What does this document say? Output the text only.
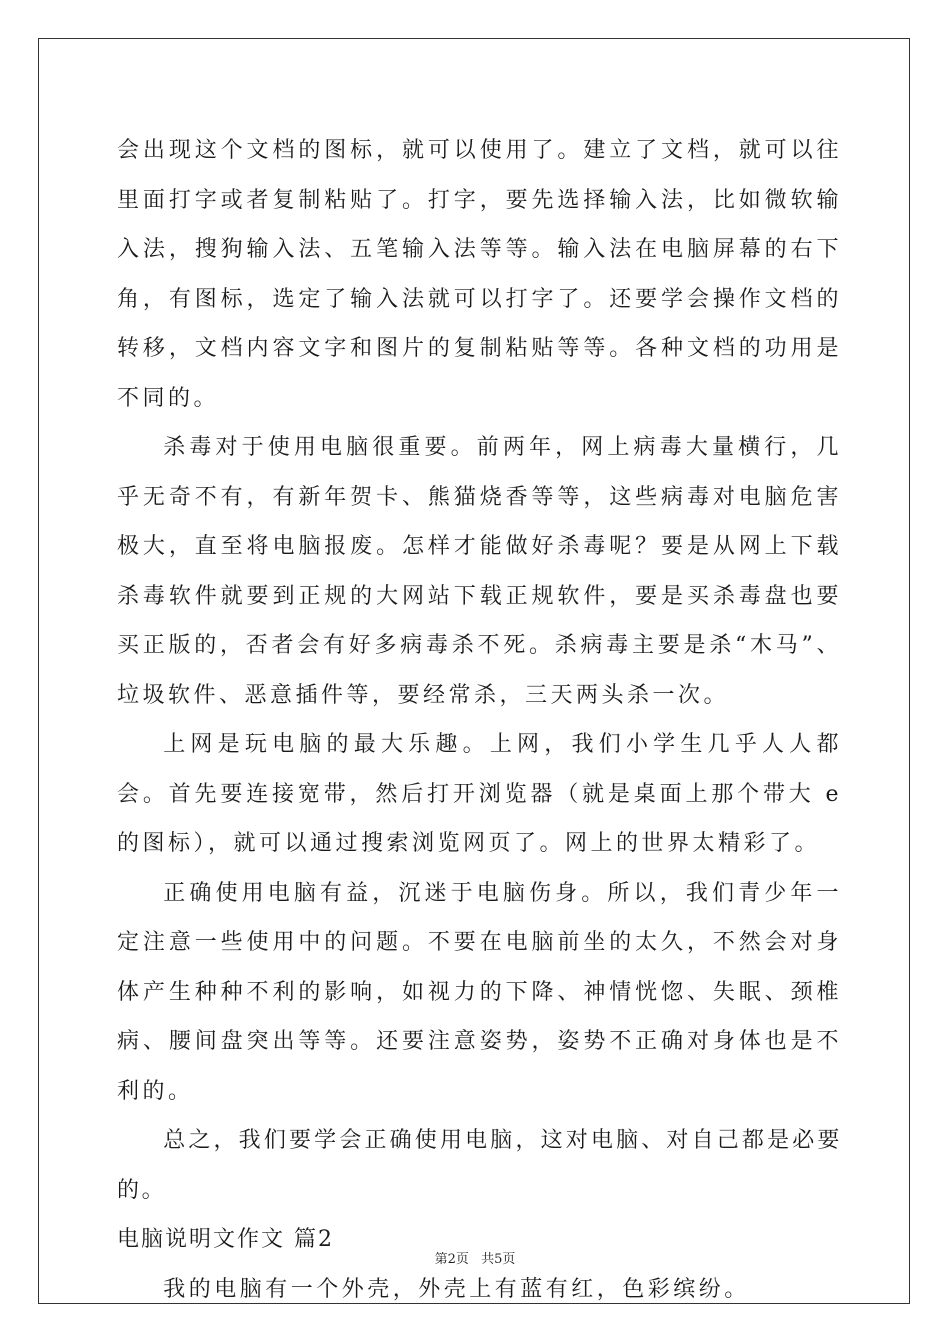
会出现这个文档的图标，就可以使用了。建立了文档，就可以往里面打字或者复制粘贴了。打字，要先选择输入法，比如微软输入法，搜狗输入法、五笔输入法等等。输入法在电脑屏幕的右下角，有图标，选定了输入法就可以打字了。还要学会操作文档的转移，文档内容文字和图片的复制粘贴等等。各种文档的功用是不同的。

杀毒对于使用电脑很重要。前两年，网上病毒大量横行，几乎无奇不有，有新年贺卡、熊猫烧香等等，这些病毒对电脑危害极大，直至将电脑报废。怎样才能做好杀毒呢？要是从网上下载杀毒软件就要到正规的大网站下载正规软件，要是买杀毒盘也要买正版的，否者会有好多病毒杀不死。杀病毒主要是杀“木马”、垃圾软件、恶意插件等，要经常杀，三天两头杀一次。

上网是玩电脑的最大乐趣。上网，我们小学生几乎人人都会。首先要连接宽带，然后打开浏览器（就是桌面上那个带大 e 的图标），就可以通过搜索浏览网页了。网上的世界太精彩了。

正确使用电脑有益，沉迷于电脑伤身。所以，我们青少年一定注意一些使用中的问题。不要在电脑前坐的太久，不然会对身体产生种种不利的影响，如视力的下降、神情恍惚、失眠、颈椎病、腰间盘突出等等。还要注意姿势，姿势不正确对身体也是不利的。

总之，我们要学会正确使用电脑，这对电脑、对自己都是必要的。

电脑说明文作文 篇2

我的电脑有一个外壳，外壳上有蓝有红，色彩缤纷。

第2页 共5页
